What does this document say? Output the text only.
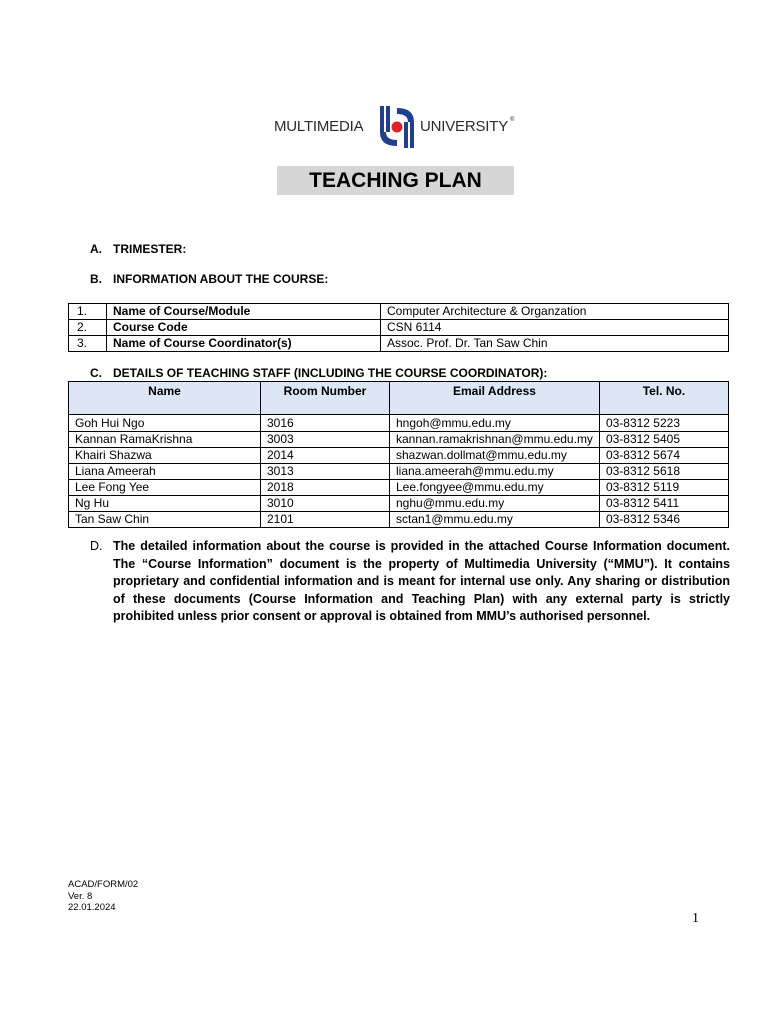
MULTIMEDIA	UNIVERSITY ®
TEACHING PLAN
A. TRIMESTER:
B. INFORMATION ABOUT THE COURSE:
1.	Name of Course/Module	Computer Architecture & Organzation
2.	Course Code	CSN 6114
3.	Name of Course Coordinator(s)	Assoc. Prof. Dr. Tan Saw Chin
C. DETAILS OF TEACHING STAFF (INCLUDING THE COURSE COORDINATOR):
Name	Room Number	Email Address	Tel. No.
Goh Hui Ngo	3016	hngoh@mmu.edu.my	03-8312 5223
Kannan RamaKrishna	3003	kannan.ramakrishnan@mmu.edu.my	03-8312 5405
Khairi Shazwa	2014	shazwan.dollmat@mmu.edu.my	03-8312 5674
Liana Ameerah	3013	liana.ameerah@mmu.edu.my	03-8312 5618
Lee Fong Yee	2018	Lee.fongyee@mmu.edu.my	03-8312 5119
Ng Hu	3010	nghu@mmu.edu.my	03-8312 5411
Tan Saw Chin	2101	sctan1@mmu.edu.my	03-8312 5346
D. The detailed information about the course is provided in the attached Course Information document. The “Course Information” document is the property of Multimedia University (“MMU”). It contains proprietary and confidential information and is meant for internal use only. Any sharing or distribution of these documents (Course Information and Teaching Plan) with any external party is strictly prohibited unless prior consent or approval is obtained from MMU’s authorised personnel.
ACAD/FORM/02
Ver. 8
22.01.2024
1
